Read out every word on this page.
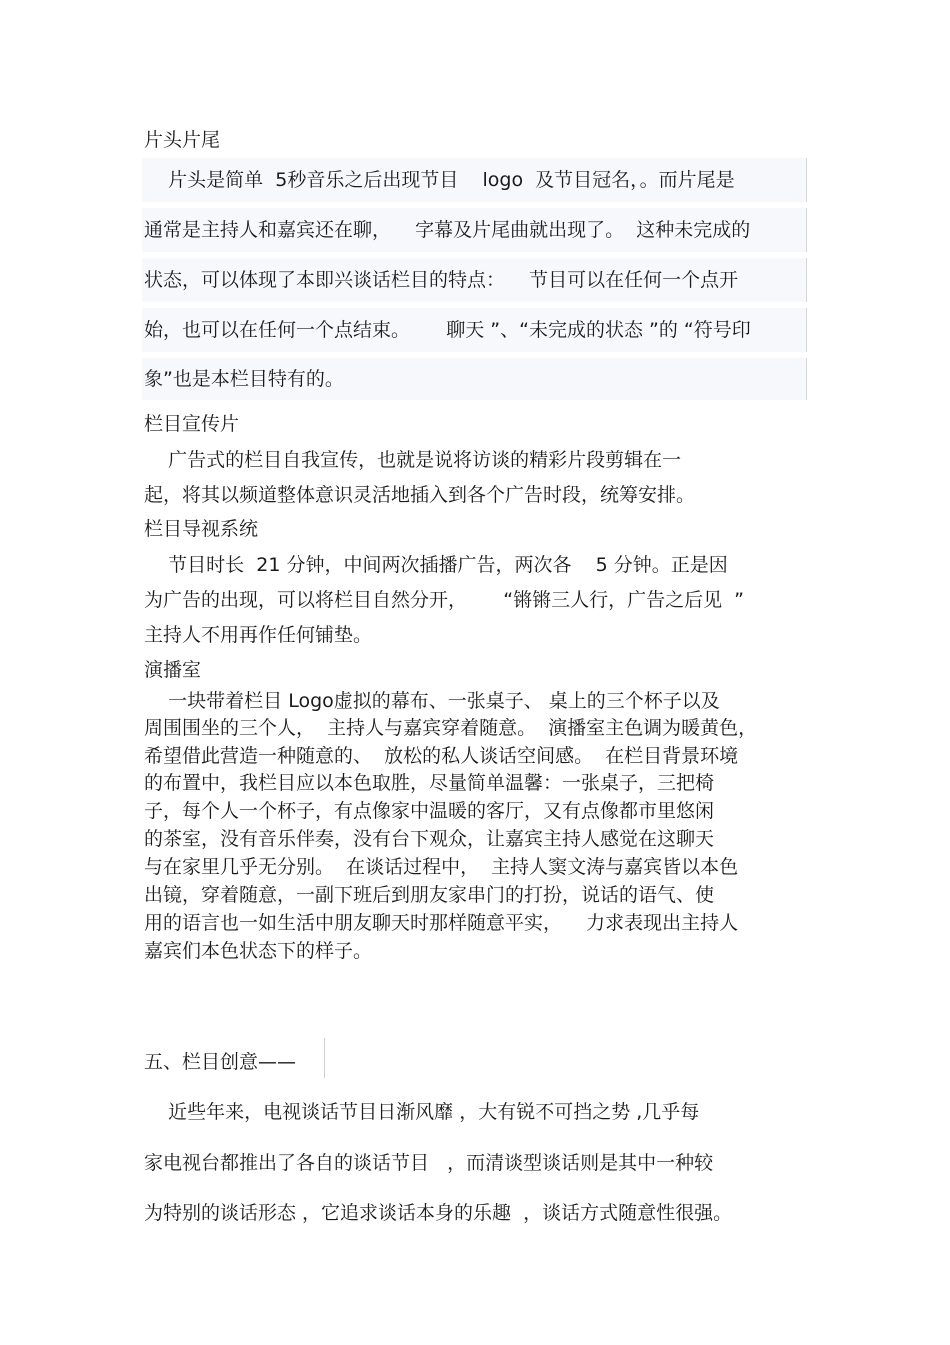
片头片尾
片头是简单  5秒音乐之后出现节目    logo  及节目冠名，。而片尾是
通常是主持人和嘉宾还在聊，    字幕及片尾曲就出现了。  这种未完成的
状态，可以体现了本即兴谈话栏目的特点：    节目可以在任何一个点开
始，也可以在任何一个点结束。      聊天 ”、“未完成的状态 ”的 “符号印
象”也是本栏目特有的。
栏目宣传片
广告式的栏目自我宣传，也就是说将访谈的精彩片段剪辑在一
起，将其以频道整体意识灵活地插入到各个广告时段，统筹安排。
栏目导视系统
节目时长  21 分钟，中间两次插播广告，两次各    5 分钟。正是因
为广告的出现，可以将栏目自然分开，      “锵锵三人行，广告之后见  ”
主持人不用再作任何铺垫。
演播室
一块带着栏目 Logo虚拟的幕布、一张桌子、 桌上的三个杯子以及
周围围坐的三个人，  主持人与嘉宾穿着随意。  演播室主色调为暖黄色，
希望借此营造一种随意的、  放松的私人谈话空间感。  在栏目背景环境
的布置中，我栏目应以本色取胜，尽量简单温馨：一张桌子，三把椅
子，每个人一个杯子，有点像家中温暖的客厅，又有点像都市里悠闲
的茶室，没有音乐伴奏，没有台下观众，让嘉宾主持人感觉在这聊天
与在家里几乎无分别。  在谈话过程中，  主持人窦文涛与嘉宾皆以本色
出镜，穿着随意，一副下班后到朋友家串门的打扮，说话的语气、使
用的语言也一如生活中朋友聊天时那样随意平实，    力求表现出主持人
嘉宾们本色状态下的样子。
五、栏目创意——
近些年来，电视谈话节目日渐风靡 ，大有锐不可挡之势 ,几乎每
家电视台都推出了各自的谈话节目   ，而清谈型谈话则是其中一种较
为特别的谈话形态 ，它追求谈话本身的乐趣  ，谈话方式随意性很强。
